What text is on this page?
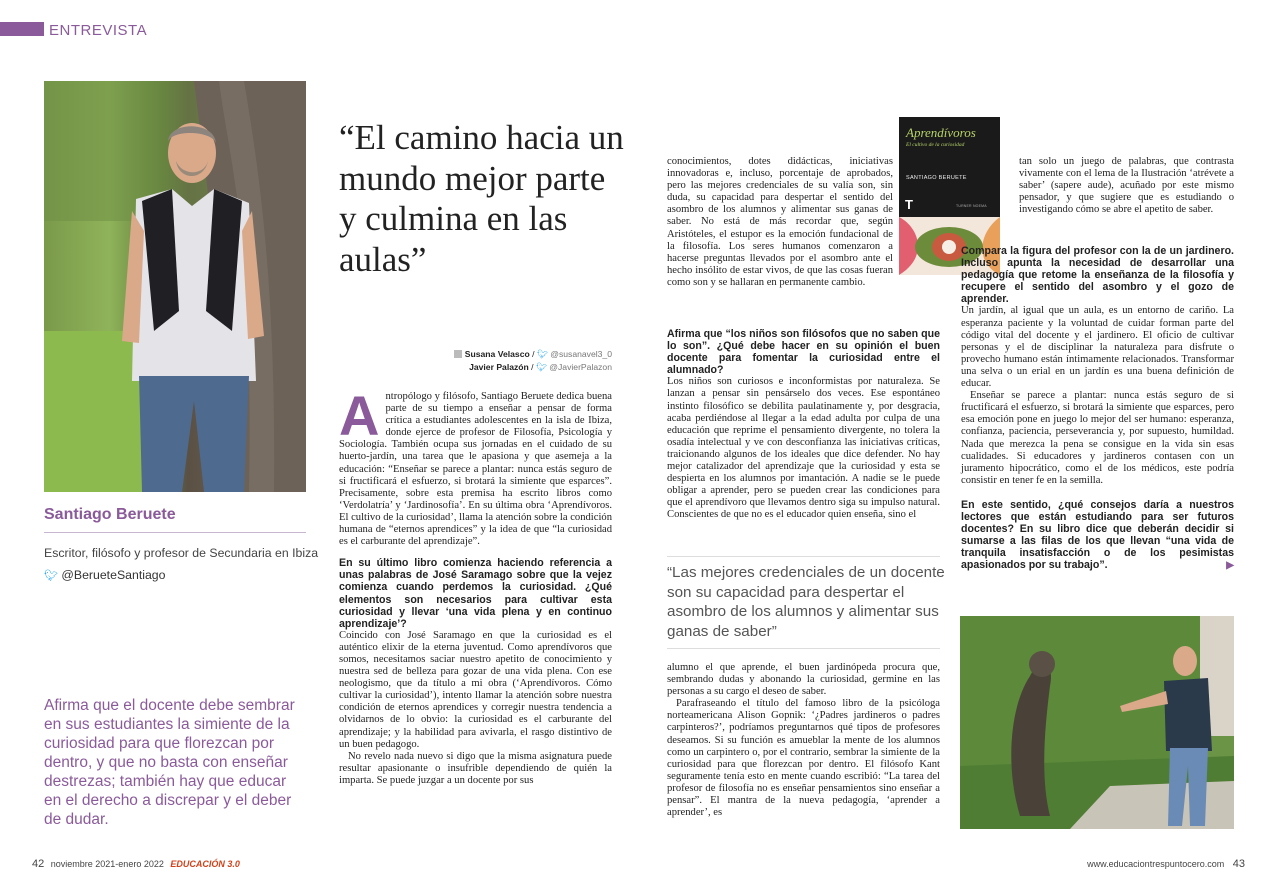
ENTREVISTA
Santiago Beruete
Escritor, filósofo y profesor de Secundaria en Ibiza
🐦︎ @BerueteSantiago
Afirma que el docente debe sembrar en sus estudiantes la simiente de la curiosidad para que florezcan por dentro, y que no basta con enseñar destrezas; también hay que educar en el derecho a discrepar y el deber de dudar.
“El camino hacia un mundo mejor parte y culmina en las aulas”
Susana Velasco / 🐦︎ @susanavel3_0
Javier Palazón / 🐦︎ @JavierPalazon
A ntropólogo y filósofo, Santiago Beruete dedica buena parte de su tiempo a enseñar a pensar de forma crítica a estudiantes adolescentes en la isla de Ibiza, donde ejerce de profesor de Filosofía, Psicología y Sociología. También ocupa sus jornadas en el cuidado de su huerto-jardín, una tarea que le apasiona y que asemeja a la educación: “Enseñar se parece a plantar: nunca estás seguro de si fructificará el esfuerzo, si brotará la simiente que esparces”. Precisamente, sobre esta premisa ha escrito libros como ‘Verdolatría’ y ‘Jardinosofía’. En su última obra ‘Aprendívoros. El cultivo de la curiosidad’, llama la atención sobre la condición humana de “eternos aprendices” y la idea de que “la curiosidad es el carburante del aprendizaje”.

En su último libro comienza haciendo referencia a unas palabras de José Saramago sobre que la vejez comienza cuando perdemos la curiosidad. ¿Qué elementos son necesarios para cultivar esta curiosidad y llevar ‘una vida plena y en continuo aprendizaje’?

Coincido con José Saramago en que la curiosidad es el auténtico elixir de la eterna juventud. Como aprendívoros que somos, necesitamos saciar nuestro apetito de conocimiento y nuestra sed de belleza para gozar de una vida plena. Con ese neologismo, que da título a mi obra (‘Aprendívoros. Cómo cultivar la curiosidad’), intento llamar la atención sobre nuestra condición de eternos aprendices y corregir nuestra tendencia a olvidarnos de lo obvio: la curiosidad es el carburante del aprendizaje; y la habilidad para avivarla, el rasgo distintivo de un buen pedagogo.

No revelo nada nuevo si digo que la misma asignatura puede resultar apasionante o insufrible dependiendo de quién la imparta. Se puede juzgar a un docente por sus

conocimientos, dotes didácticas, iniciativas innovadoras e, incluso, porcentaje de aprobados, pero las mejores credenciales de su valía son, sin duda, su capacidad para despertar el sentido del asombro de los alumnos y alimentar sus ganas de saber. No está de más recordar que, según Aristóteles, el estupor es la emoción fundacional de la filosofía. Los seres humanos comenzaron a hacerse preguntas llevados por el asombro ante el hecho insólito de estar vivos, de que las cosas fueran como son y se hallaran en permanente cambio.

Afirma que “los niños son filósofos que no saben que lo son”. ¿Qué debe hacer en su opinión el buen docente para fomentar la curiosidad entre el alumnado?

Los niños son curiosos e inconformistas por naturaleza. Se lanzan a pensar sin pensárselo dos veces. Ese espontáneo instinto filosófico se debilita paulatinamente y, por desgracia, acaba perdiéndose al llegar a la edad adulta por culpa de una educación que reprime el pensamiento divergente, no tolera la osadía intelectual y ve con desconfianza las iniciativas críticas, traicionando algunos de los ideales que dice defender. No hay mejor catalizador del aprendizaje que la curiosidad y esta se despierta en los alumnos por imantación. A nadie se le puede obligar a aprender, pero se pueden crear las condiciones para que el aprendívoro que llevamos dentro siga su impulso natural. Conscientes de que no es el educador quien enseña, sino el

Aprendívoros
El cultivo de la curiosidad
SANTIAGO BERUETE
T	TURNER NOEMA
“Las mejores credenciales de un docente son su capacidad para despertar el asombro de los alumnos y alimentar sus ganas de saber”

alumno el que aprende, el buen jardinópeda procura que, sembrando dudas y abonando la curiosidad, germine en las personas a su cargo el deseo de saber.

Parafraseando el título del famoso libro de la psicóloga norteamericana Alison Gopnik: ‘¿Padres jardineros o padres carpinteros?’, podríamos preguntarnos qué tipos de profesores deseamos. Si su función es amueblar la mente de los alumnos como un carpintero o, por el contrario, sembrar la simiente de la curiosidad para que florezcan por dentro. El filósofo Kant seguramente tenía esto en mente cuando escribió: “La tarea del profesor de filosofía no es enseñar pensamientos sino enseñar a pensar”. El mantra de la nueva pedagogía, ‘aprender a aprender’, es

tan solo un juego de palabras, que contrasta vivamente con el lema de la Ilustración ‘atrévete a saber’ (sapere aude), acuñado por este mismo pensador, y que sugiere que es estudiando o investigando cómo se abre el apetito de saber.

Compara la figura del profesor con la de un jardinero. Incluso apunta la necesidad de desarrollar una pedagogía que retome la enseñanza de la filosofía y recupere el sentido del asombro y el gozo de aprender.

Un jardín, al igual que un aula, es un entorno de cariño. La esperanza paciente y la voluntad de cuidar forman parte del código vital del docente y el jardinero. El oficio de cultivar personas y el de disciplinar la naturaleza para disfrute o provecho humano están íntimamente relacionados. Transformar una selva o un erial en un jardín es una buena definición de educar.

Enseñar se parece a plantar: nunca estás seguro de si fructificará el esfuerzo, si brotará la simiente que esparces, pero esa emoción pone en juego lo mejor del ser humano: esperanza, confianza, paciencia, perseverancia y, por supuesto, humildad. Nada que merezca la pena se consigue en la vida sin esas cualidades. Si educadores y jardineros contasen con un juramento hipocrático, como el de los médicos, este podría consistir en tener fe en la semilla.

En este sentido, ¿qué consejos daría a nuestros lectores que están estudiando para ser futuros docentes? En su libro dice que deberán decidir si sumarse a las filas de los que llevan “una vida de tranquila insatisfacción o de los pesimistas apasionados por su trabajo”.	▶
42 noviembre 2021-enero 2022 EDUCACIÓN 3.0	www.educaciontrespuntocero.com 43
